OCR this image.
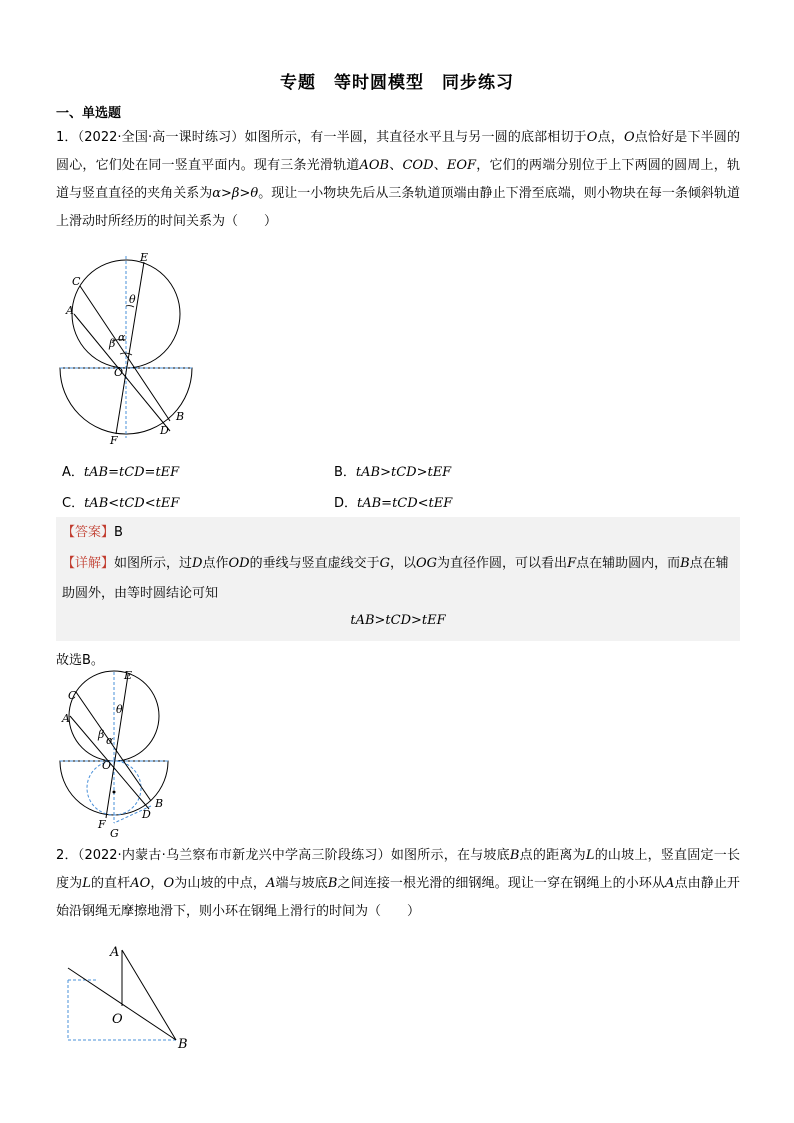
专题　等时圆模型　同步练习
一、单选题
1．（2022·全国·高一课时练习）如图所示，有一半圆，其直径水平且与另一圆的底部相切于O点，O点恰好是下半圆的圆心，它们处在同一竖直平面内。现有三条光滑轨道AOB、COD、EOF，它们的两端分别位于上下两圆的圆周上，轨道与竖直直径的夹角关系为α>β>θ。现让一小物块先后从三条轨道顶端由静止下滑至底端，则小物块在每一条倾斜轨道上滑动时所经历的时间关系为（　　）
E
C
A
θ
β α
O
B
D
F
A．tAB=tCD=tEF	B．tAB>tCD>tEF
C．tAB<tCD<tEF	D．tAB=tCD<tEF
【答案】B
【详解】如图所示，过D点作OD的垂线与竖直虚线交于G，以OG为直径作圆，可以看出F点在辅助圆内，而B点在辅助圆外，由等时圆结论可知
tAB>tCD>tEF
故选B。
E
C
A
θ
β α
O
B
D
F
G
2．（2022·内蒙古·乌兰察布市新龙兴中学高三阶段练习）如图所示，在与坡底B点的距离为L的山坡上，竖直固定一长度为L的直杆AO，O为山坡的中点，A端与坡底B之间连接一根光滑的细钢绳。现让一穿在钢绳上的小环从A点由静止开始沿钢绳无摩擦地滑下，则小环在钢绳上滑行的时间为（　　）
A
O
B
